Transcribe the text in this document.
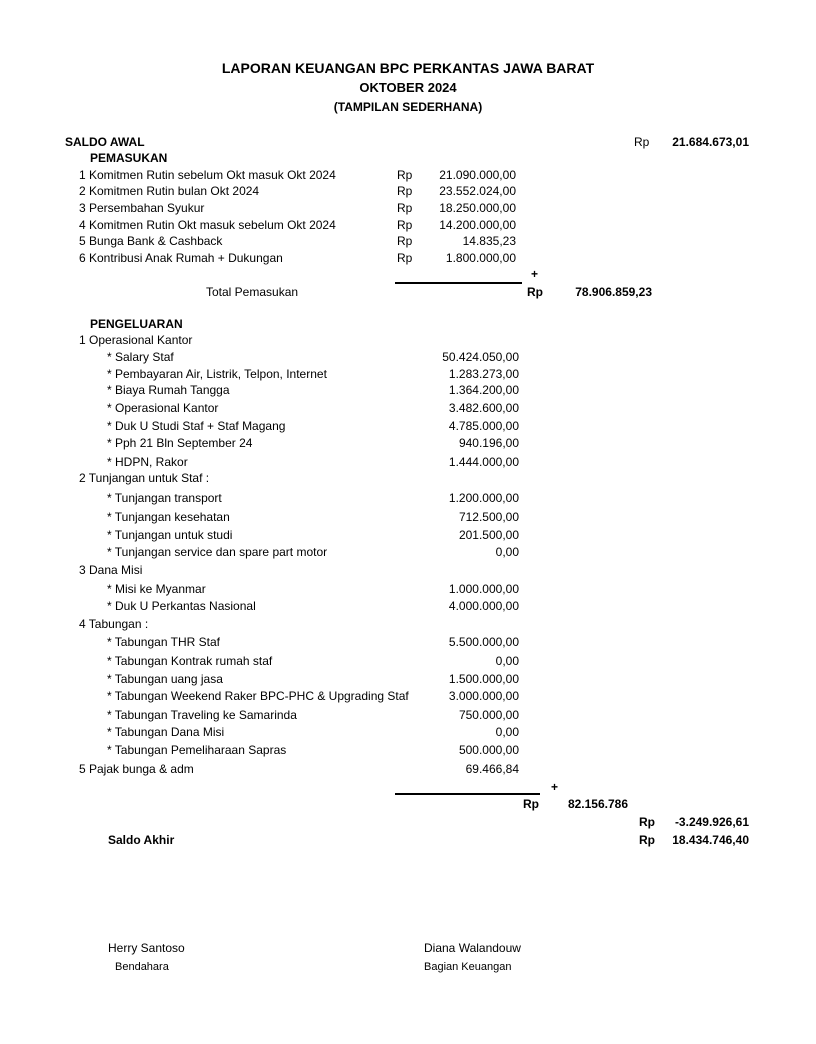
LAPORAN KEUANGAN BPC PERKANTAS JAWA BARAT
OKTOBER 2024
(TAMPILAN SEDERHANA)
SALDO AWAL	Rp	21.684.673,01
PEMASUKAN
1 Komitmen Rutin sebelum Okt masuk Okt 2024	Rp	21.090.000,00
2 Komitmen Rutin bulan Okt 2024	Rp	23.552.024,00
3 Persembahan Syukur	Rp	18.250.000,00
4 Komitmen Rutin Okt masuk sebelum Okt 2024	Rp	14.200.000,00
5 Bunga Bank & Cashback	Rp	14.835,23
6 Kontribusi Anak Rumah + Dukungan	Rp	1.800.000,00
+
Total Pemasukan	Rp	78.906.859,23
PENGELUARAN
1 Operasional Kantor
* Salary Staf	50.424.050,00
* Pembayaran Air, Listrik, Telpon, Internet	1.283.273,00
* Biaya Rumah Tangga	1.364.200,00
* Operasional Kantor	3.482.600,00
* Duk U Studi Staf + Staf Magang	4.785.000,00
* Pph 21 Bln September 24	940.196,00
* HDPN, Rakor	1.444.000,00
2 Tunjangan untuk Staf :
* Tunjangan transport	1.200.000,00
* Tunjangan kesehatan	712.500,00
* Tunjangan untuk studi	201.500,00
* Tunjangan service dan spare part motor	0,00
3 Dana Misi
* Misi ke Myanmar	1.000.000,00
* Duk U Perkantas Nasional	4.000.000,00
4 Tabungan :
* Tabungan THR Staf	5.500.000,00
* Tabungan Kontrak rumah staf	0,00
* Tabungan uang jasa	1.500.000,00
* Tabungan Weekend Raker BPC-PHC & Upgrading Staf	3.000.000,00
* Tabungan Traveling ke Samarinda	750.000,00
* Tabungan Dana Misi	0,00
* Tabungan Pemeliharaan Sapras	500.000,00
5 Pajak bunga & adm	69.466,84
+
Rp	82.156.786
Rp	-3.249.926,61
Saldo Akhir	Rp	18.434.746,40
Herry Santoso
Bendahara
Diana Walandouw
Bagian Keuangan
